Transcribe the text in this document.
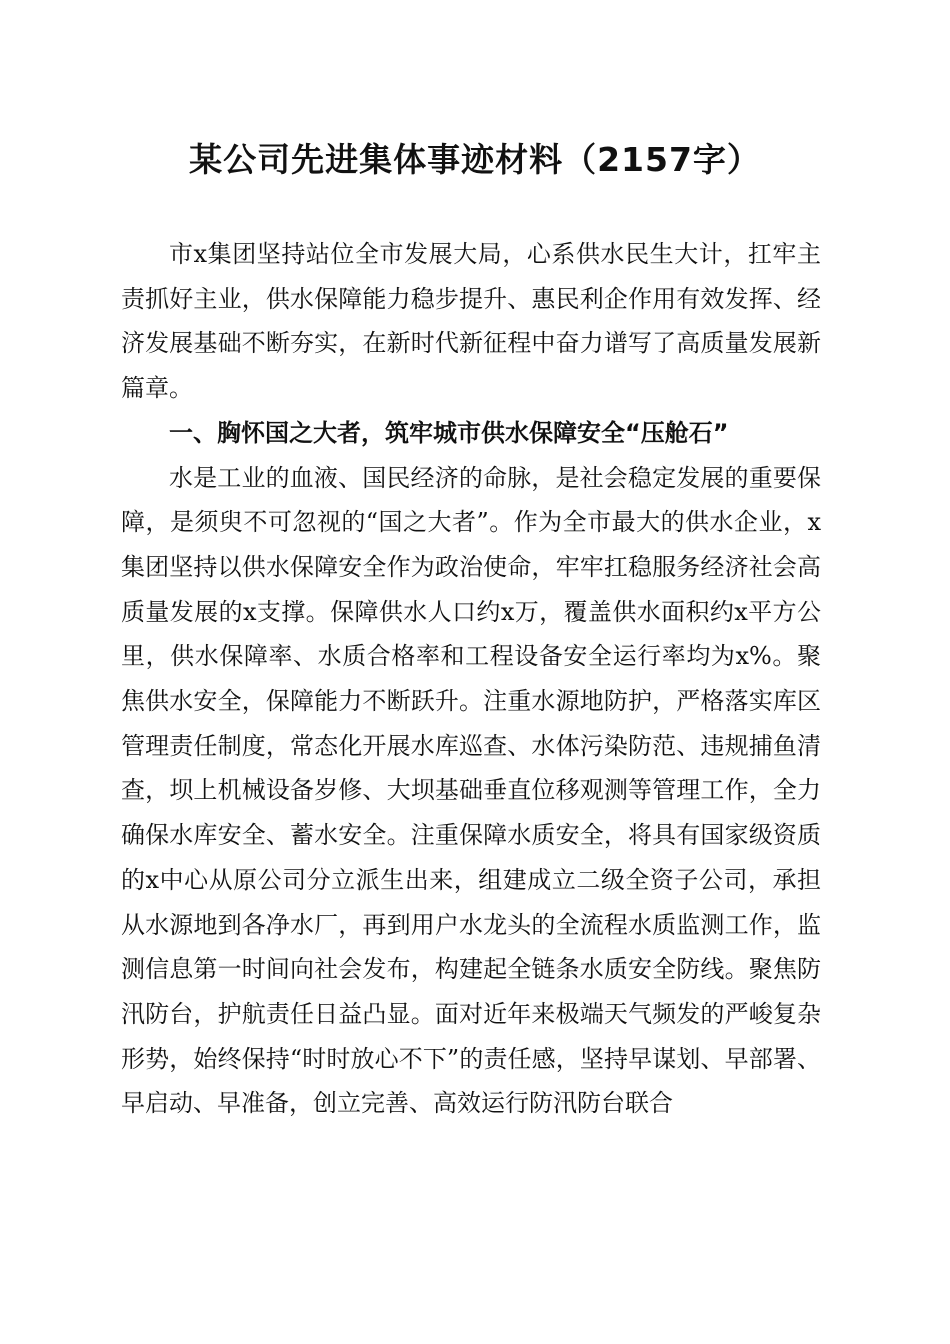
某公司先进集体事迹材料（2157字）

市x集团坚持站位全市发展大局，心系供水民生大计，扛牢主责抓好主业，供水保障能力稳步提升、惠民利企作用有效发挥、经济发展基础不断夯实，在新时代新征程中奋力谱写了高质量发展新篇章。

一、胸怀国之大者，筑牢城市供水保障安全“压舱石”

水是工业的血液、国民经济的命脉，是社会稳定发展的重要保障，是须臾不可忽视的“国之大者”。作为全市最大的供水企业，x集团坚持以供水保障安全作为政治使命，牢牢扛稳服务经济社会高质量发展的x支撑。保障供水人口约x万，覆盖供水面积约x平方公里，供水保障率、水质合格率和工程设备安全运行率均为x%。聚焦供水安全，保障能力不断跃升。注重水源地防护，严格落实库区管理责任制度，常态化开展水库巡查、水体污染防范、违规捕鱼清查，坝上机械设备岁修、大坝基础垂直位移观测等管理工作，全力确保水库安全、蓄水安全。注重保障水质安全，将具有国家级资质的x中心从原公司分立派生出来，组建成立二级全资子公司，承担从水源地到各净水厂，再到用户水龙头的全流程水质监测工作，监测信息第一时间向社会发布，构建起全链条水质安全防线。聚焦防汛防台，护航责任日益凸显。面对近年来极端天气频发的严峻复杂形势，始终保持“时时放心不下”的责任感，坚持早谋划、早部署、早启动、早准备，创立完善、高效运行防汛防台联合
